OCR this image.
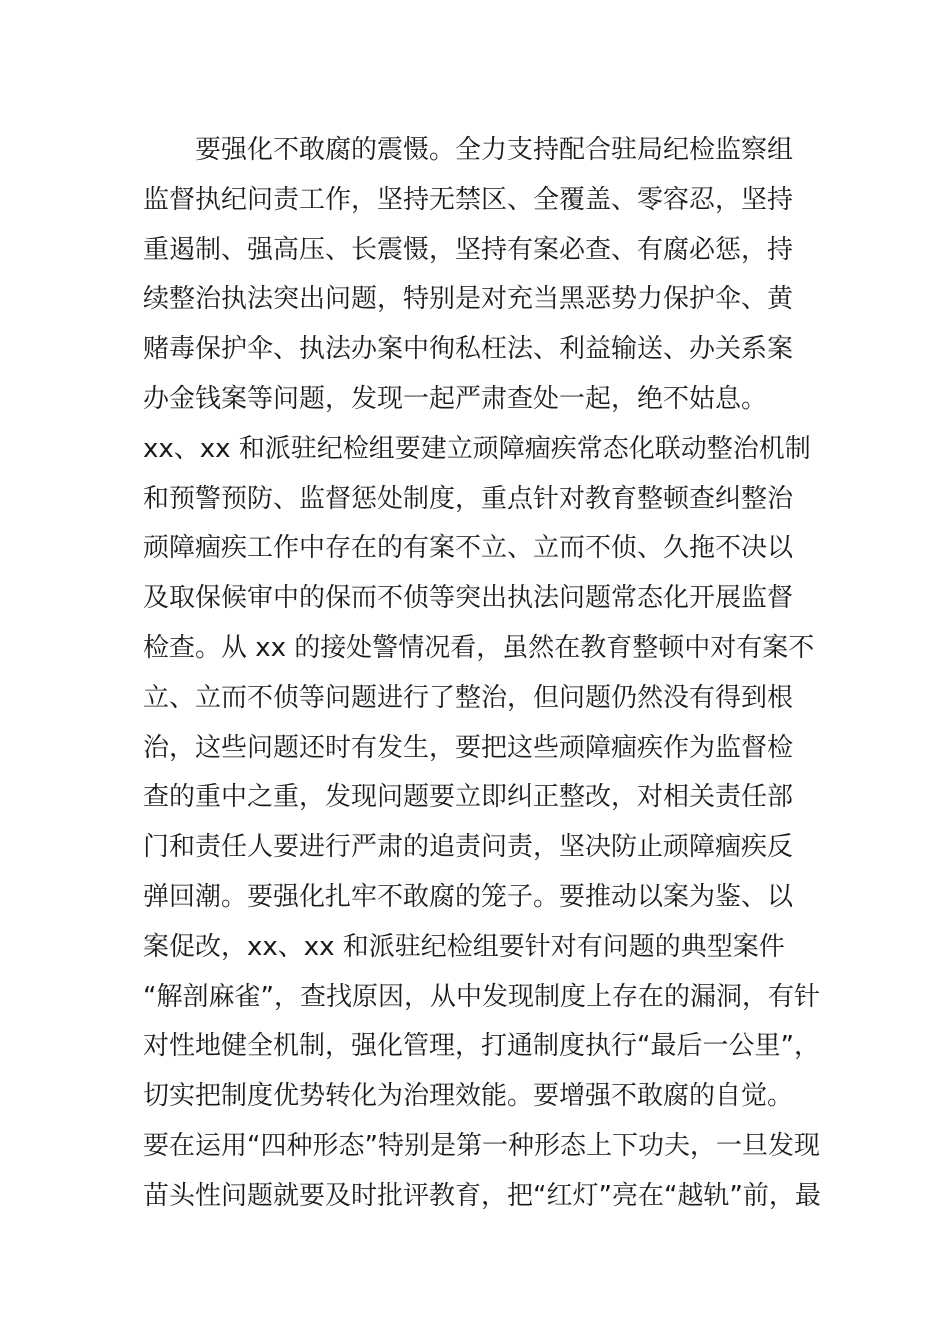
要强化不敢腐的震慑。全力支持配合驻局纪检监察组
监督执纪问责工作，坚持无禁区、全覆盖、零容忍，坚持
重遏制、强高压、长震慑，坚持有案必查、有腐必惩，持
续整治执法突出问题，特别是对充当黑恶势力保护伞、黄
赌毒保护伞、执法办案中徇私枉法、利益输送、办关系案
办金钱案等问题，发现一起严肃查处一起，绝不姑息。
xx、xx 和派驻纪检组要建立顽障痼疾常态化联动整治机制
和预警预防、监督惩处制度，重点针对教育整顿查纠整治
顽障痼疾工作中存在的有案不立、立而不侦、久拖不决以
及取保候审中的保而不侦等突出执法问题常态化开展监督
检查。从 xx 的接处警情况看，虽然在教育整顿中对有案不
立、立而不侦等问题进行了整治，但问题仍然没有得到根
治，这些问题还时有发生，要把这些顽障痼疾作为监督检
查的重中之重，发现问题要立即纠正整改，对相关责任部
门和责任人要进行严肃的追责问责，坚决防止顽障痼疾反
弹回潮。要强化扎牢不敢腐的笼子。要推动以案为鉴、以
案促改，xx、xx 和派驻纪检组要针对有问题的典型案件
“解剖麻雀”，查找原因，从中发现制度上存在的漏洞，有针
对性地健全机制，强化管理，打通制度执行“最后一公里”，
切实把制度优势转化为治理效能。要增强不敢腐的自觉。
要在运用“四种形态”特别是第一种形态上下功夫，一旦发现
苗头性问题就要及时批评教育，把“红灯”亮在“越轨”前，最
